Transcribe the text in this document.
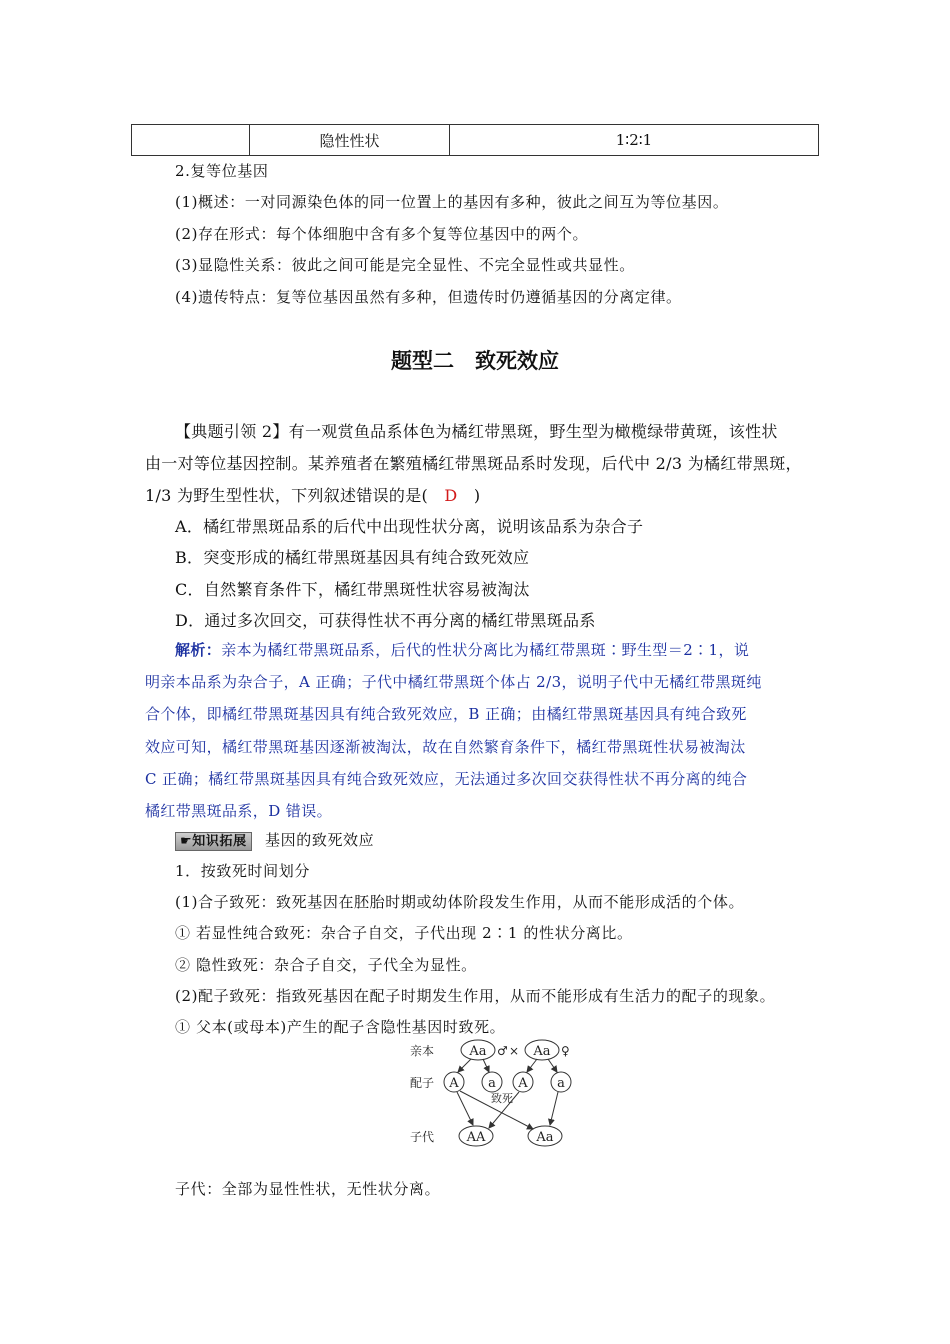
隐性性状	1∶2∶1
2.复等位基因
(1)概述：一对同源染色体的同一位置上的基因有多种，彼此之间互为等位基因。
(2)存在形式：每个体细胞中含有多个复等位基因中的两个。
(3)显隐性关系：彼此之间可能是完全显性、不完全显性或共显性。
(4)遗传特点：复等位基因虽然有多种，但遗传时仍遵循基因的分离定律。
题型二　致死效应
【典题引领 2】有一观赏鱼品系体色为橘红带黑斑，野生型为橄榄绿带黄斑，该性状
由一对等位基因控制。某养殖者在繁殖橘红带黑斑品系时发现，后代中 2/3 为橘红带黑斑，
1/3 为野生型性状，下列叙述错误的是(　D　)
A．橘红带黑斑品系的后代中出现性状分离，说明该品系为杂合子
B．突变形成的橘红带黑斑基因具有纯合致死效应
C．自然繁育条件下，橘红带黑斑性状容易被淘汰
D．通过多次回交，可获得性状不再分离的橘红带黑斑品系
解析：亲本为橘红带黑斑品系，后代的性状分离比为橘红带黑斑∶野生型＝2∶1，说
明亲本品系为杂合子，A 正确；子代中橘红带黑斑个体占 2/3，说明子代中无橘红带黑斑纯
合个体，即橘红带黑斑基因具有纯合致死效应，B 正确；由橘红带黑斑基因具有纯合致死
效应可知，橘红带黑斑基因逐渐被淘汰，故在自然繁育条件下，橘红带黑斑性状易被淘汰
C 正确；橘红带黑斑基因具有纯合致死效应，无法通过多次回交获得性状不再分离的纯合
橘红带黑斑品系，D 错误。
☛知识拓展 基因的致死效应
1．按致死时间划分
(1)合子致死：致死基因在胚胎时期或幼体阶段发生作用，从而不能形成活的个体。
① 若显性纯合致死：杂合子自交，子代出现 2∶1 的性状分离比。
② 隐性致死：杂合子自交，子代全为显性。
(2)配子致死：指致死基因在配子时期发生作用，从而不能形成有生活力的配子的现象。
① 父本(或母本)产生的配子含隐性基因时致死。
亲本
配子
子代
Aa ♂ × Aa ♀
A a A a
致死
AA	Aa
子代：全部为显性性状，无性状分离。
